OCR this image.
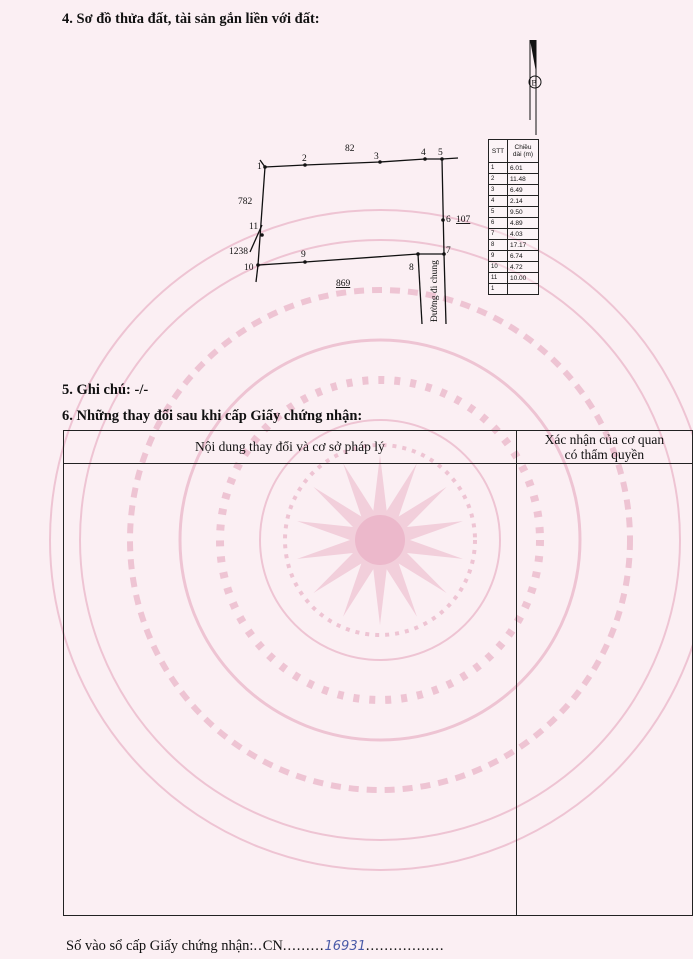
4. Sơ đồ thửa đất, tài sản gắn liền với đất:
B
1
2	3	4 5
6
7
8
9
10
11
82
782
1238
107
869	Đường đi chung
STT	Chiều dài (m)
1	6.01
2	11.48
3	6.49
4	2.14
5	9.50
6	4.89
7	4.03
8	17.17
9	6.74
10	4.72
11	10.00
1	
5. Ghi chú: -/-
6. Những thay đổi sau khi cấp Giấy chứng nhận:
Nội dung thay đổi và cơ sở pháp lý	Xác nhận của cơ quan
có thẩm quyền

Số vào sổ cấp Giấy chứng nhận:..CN.........16931.................
